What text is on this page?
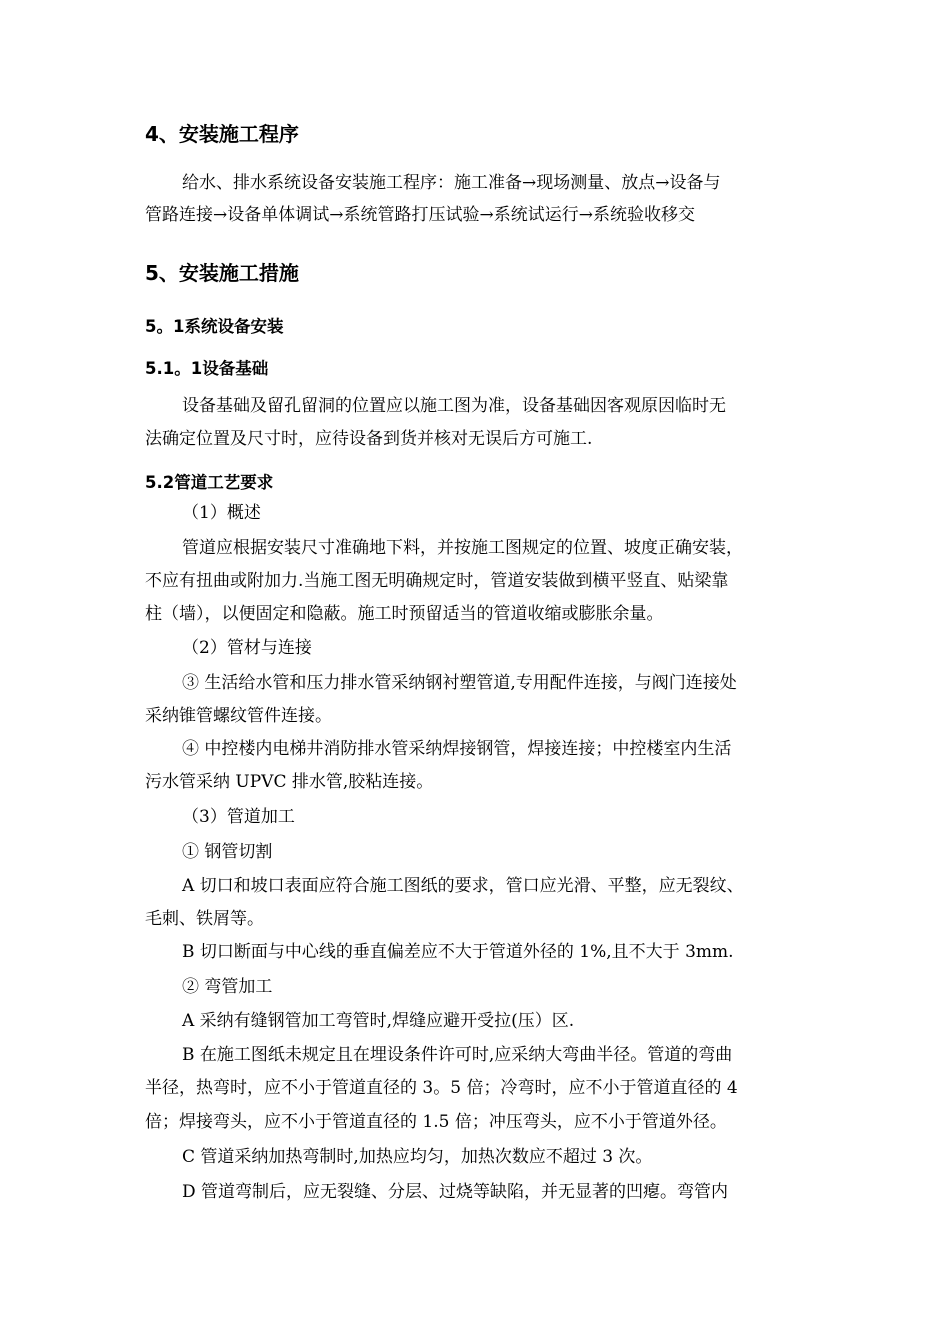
4、安装施工程序
给水、排水系统设备安装施工程序：施工准备→现场测量、放点→设备与
管路连接→设备单体调试→系统管路打压试验→系统试运行→系统验收移交
5、安装施工措施
5。1系统设备安装
5.1。1设备基础
设备基础及留孔留洞的位置应以施工图为准，设备基础因客观原因临时无
法确定位置及尺寸时，应待设备到货并核对无误后方可施工.
5.2管道工艺要求
（1）概述
管道应根据安装尺寸准确地下料，并按施工图规定的位置、坡度正确安装，
不应有扭曲或附加力.当施工图无明确规定时，管道安装做到横平竖直、贴梁靠
柱（墙），以便固定和隐蔽。施工时预留适当的管道收缩或膨胀余量。
（2）管材与连接
③ 生活给水管和压力排水管采纳钢衬塑管道,专用配件连接，与阀门连接处
采纳锥管螺纹管件连接。
④ 中控楼内电梯井消防排水管采纳焊接钢管，焊接连接；中控楼室内生活
污水管采纳 UPVC 排水管,胶粘连接。
（3）管道加工
① 钢管切割
A 切口和坡口表面应符合施工图纸的要求，管口应光滑、平整，应无裂纹、
毛刺、铁屑等。
B 切口断面与中心线的垂直偏差应不大于管道外径的 1%,且不大于 3mm.
② 弯管加工
A 采纳有缝钢管加工弯管时,焊缝应避开受拉(压）区.
B 在施工图纸未规定且在埋设条件许可时,应采纳大弯曲半径。管道的弯曲
半径，热弯时，应不小于管道直径的 3。5 倍；冷弯时，应不小于管道直径的 4
倍；焊接弯头，应不小于管道直径的 1.5 倍；冲压弯头，应不小于管道外径。
C 管道采纳加热弯制时,加热应均匀，加热次数应不超过 3 次。
D 管道弯制后，应无裂缝、分层、过烧等缺陷，并无显著的凹瘪。弯管内
